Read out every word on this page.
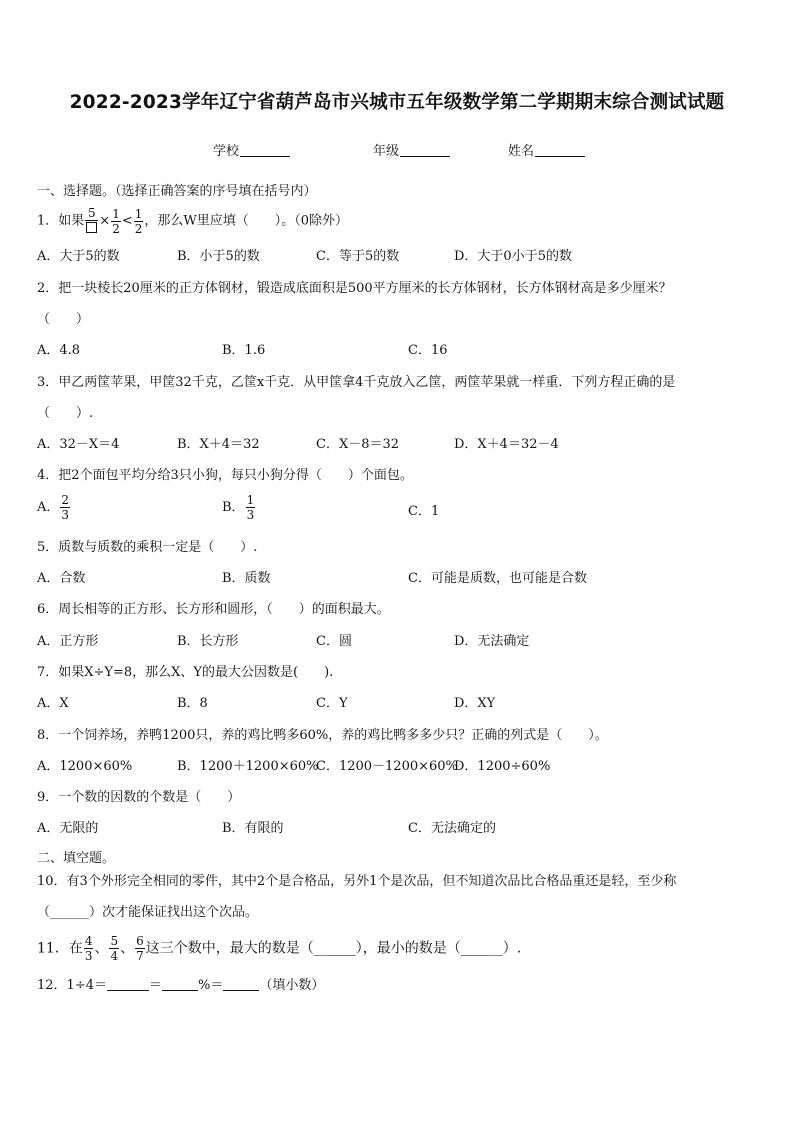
2022-2023学年辽宁省葫芦岛市兴城市五年级数学第二学期期末综合测试试题
学校	年级	姓名
一、选择题。（选择正确答案的序号填在括号内）
1．如果
5
× $\frac{1}{2} < \frac{1}{2}$ ，那么W里应填（　　）。（0除外）
A．大于5的数	B．小于5的数	C．等于5的数	D．大于0小于5的数
2．把一块棱长20厘米的正方体钢材，锻造成底面积是500平方厘米的长方体钢材，长方体钢材高是多少厘米？
（　　）
A．4.8	B．1.6	C．16
3．甲乙两筐苹果，甲筐32千克，乙筐x千克．从甲筐拿4千克放入乙筐，两筐苹果就一样重．下列方程正确的是
（　　）.
A．32－X＝4	B．X＋4＝32	C．X－8＝32	D．X＋4＝32－4
4．把2个面包平均分给3只小狗，每只小狗分得（　　）个面包。
A． $\frac{2}{3}$	B． $\frac{1}{3}$	C．1
5．质数与质数的乘积一定是（　　）.
A．合数	B．质数	C．可能是质数，也可能是合数
6．周长相等的正方形、长方形和圆形，（　　）的面积最大。
A．正方形	B．长方形	C．圆	D．无法确定
7．如果X÷Y=8，那么X、Y的最大公因数是(　　).
A．X	B．8	C．Y	D．XY
8．一个饲养场，养鸭1200只，养的鸡比鸭多60%，养的鸡比鸭多多少只？正确的列式是（　　）。
A．1200×60%	B．1200＋1200×60%
C．1200－1200×60%
D．1200÷60%
9．一个数的因数的个数是（　　）
A．无限的	B．有限的	C．无法确定的
二、填空题。
10．有3个外形完全相同的零件，其中2个是合格品，另外1个是次品，但不知道次品比合格品重还是轻，至少称
（______）次才能保证找出这个次品。
11．在 $\frac{4}{3}$ 、 $\frac{5}{4}$ 、 $\frac{6}{7}$ 这三个数中，最大的数是（______），最小的数是（______）.
12．1÷4＝	＝	%＝	（填小数）
